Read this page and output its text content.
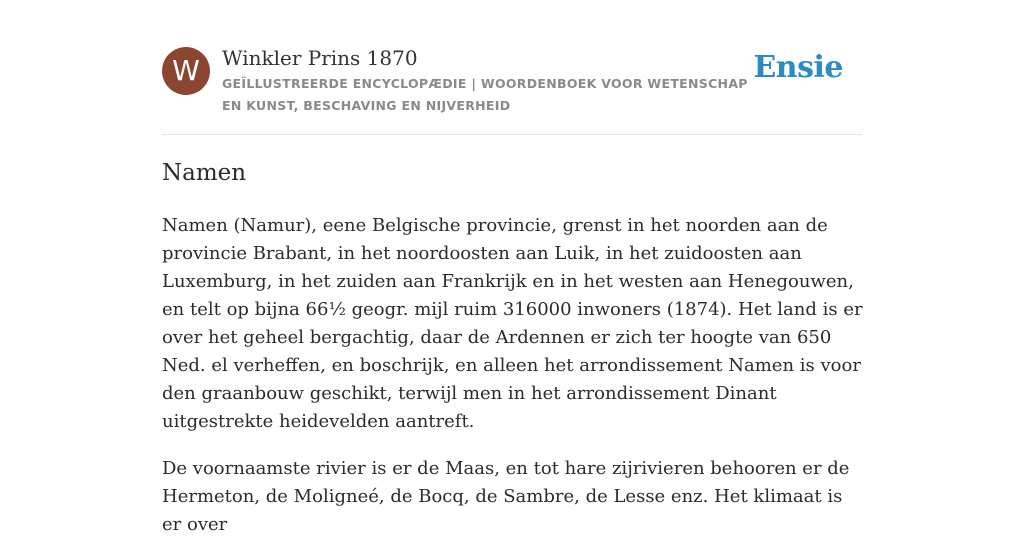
W	Winkler Prins 1870
GEÏLLUSTREERDE ENCYCLOPÆDIE | WOORDENBOEK VOOR WETENSCHAP EN KUNST, BESCHAVING EN NIJVERHEID
Ensie
Namen

Namen (Namur), eene Belgische provincie, grenst in het noorden aan de provincie Brabant, in het noordoosten aan Luik, in het zuidoosten aan Luxemburg, in het zuiden aan Frankrijk en in het westen aan Henegouwen, en telt op bijna 66½ geogr. mijl ruim 316000 inwoners (1874). Het land is er over het geheel bergachtig, daar de Ardennen er zich ter hoogte van 650 Ned. el verheffen, en boschrijk, en alleen het arrondissement Namen is voor den graanbouw geschikt, terwijl men in het arrondissement Dinant uitgestrekte heidevelden aantreft.

De voornaamste rivier is er de Maas, en tot hare zijrivieren behooren er de Hermeton, de Moligneé, de Bocq, de Sambre, de Lesse enz. Het klimaat is er over
